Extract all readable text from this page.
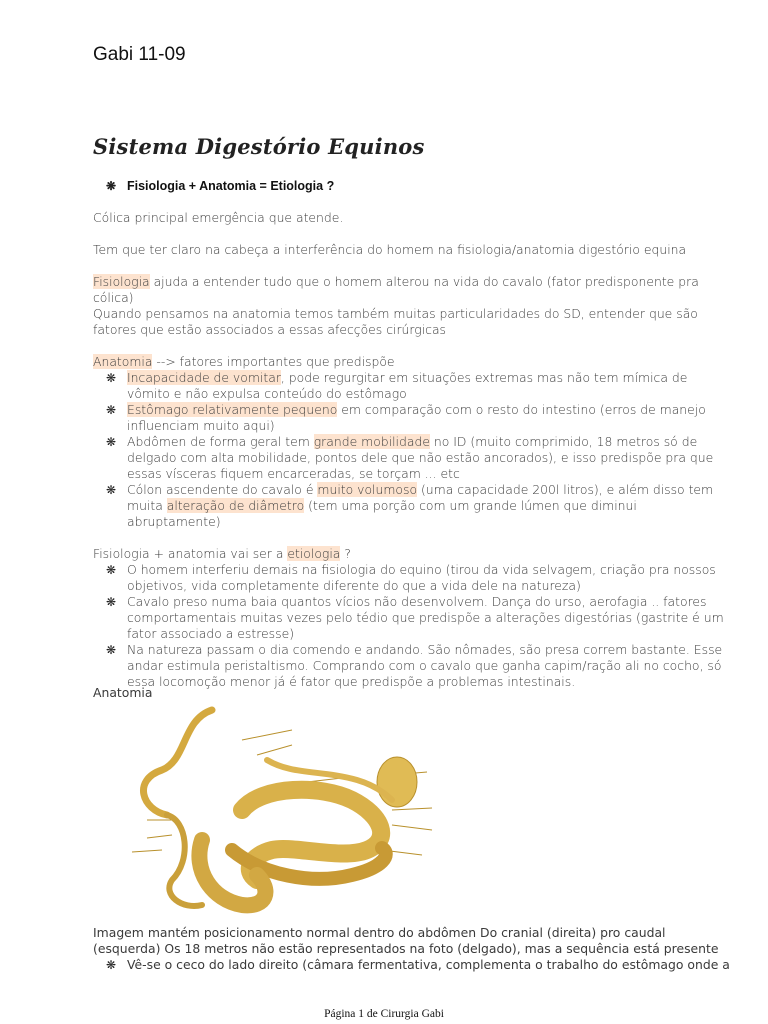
Gabi 11-09
Sistema Digestório Equinos
❋ Fisiologia + Anatomia = Etiologia ?

Cólica principal emergência que atende.

Tem que ter claro na cabeça a interferência do homem na fisiologia/anatomia digestório equina

Fisiologia ajuda a entender tudo que o homem alterou na vida do cavalo (fator predisponente pra cólica)

Quando pensamos na anatomia temos também muitas particularidades do SD, entender que são fatores que estão associados a essas afecções cirúrgicas

Anatomia --> fatores importantes que predispõe

❋ Incapacidade de vomitar, pode regurgitar em situações extremas mas não tem mímica de vômito e não expulsa conteúdo do estômago
❋ Estômago relativamente pequeno em comparação com o resto do intestino (erros de manejo influenciam muito aqui)
❋ Abdômen de forma geral tem grande mobilidade no ID (muito comprimido, 18 metros só de delgado com alta mobilidade, pontos dele que não estão ancorados), e isso predispõe pra que essas vísceras fiquem encarceradas, se torçam ... etc
❋ Cólon ascendente do cavalo é muito volumoso (uma capacidade 200l litros), e além disso tem muita alteração de diâmetro (tem uma porção com um grande lúmen que diminui abruptamente)

Fisiologia + anatomia vai ser a etiologia ?

❋ O homem interferiu demais na fisiologia do equino (tirou da vida selvagem, criação pra nossos objetivos, vida completamente diferente do que a vida dele na natureza)
❋ Cavalo preso numa baia quantos vícios não desenvolvem. Dança do urso, aerofagia .. fatores comportamentais muitas vezes pelo tédio que predispõe a alterações digestórias (gastrite é um fator associado a estresse)
❋ Na natureza passam o dia comendo e andando. São nômades, são presa correm bastante. Esse andar estimula peristaltismo. Comprando com o cavalo que ganha capim/ração ali no cocho, só essa locomoção menor já é fator que predispõe a problemas intestinais.
Anatomia

Imagem mantém posicionamento normal dentro do abdômen Do cranial (direita) pro caudal (esquerda) Os 18 metros não estão representados na foto (delgado), mas a sequência está presente

❋ Vê-se o ceco do lado direito (câmara fermentativa, complementa o trabalho do estômago onde a
Página 1 de Cirurgia Gabi
